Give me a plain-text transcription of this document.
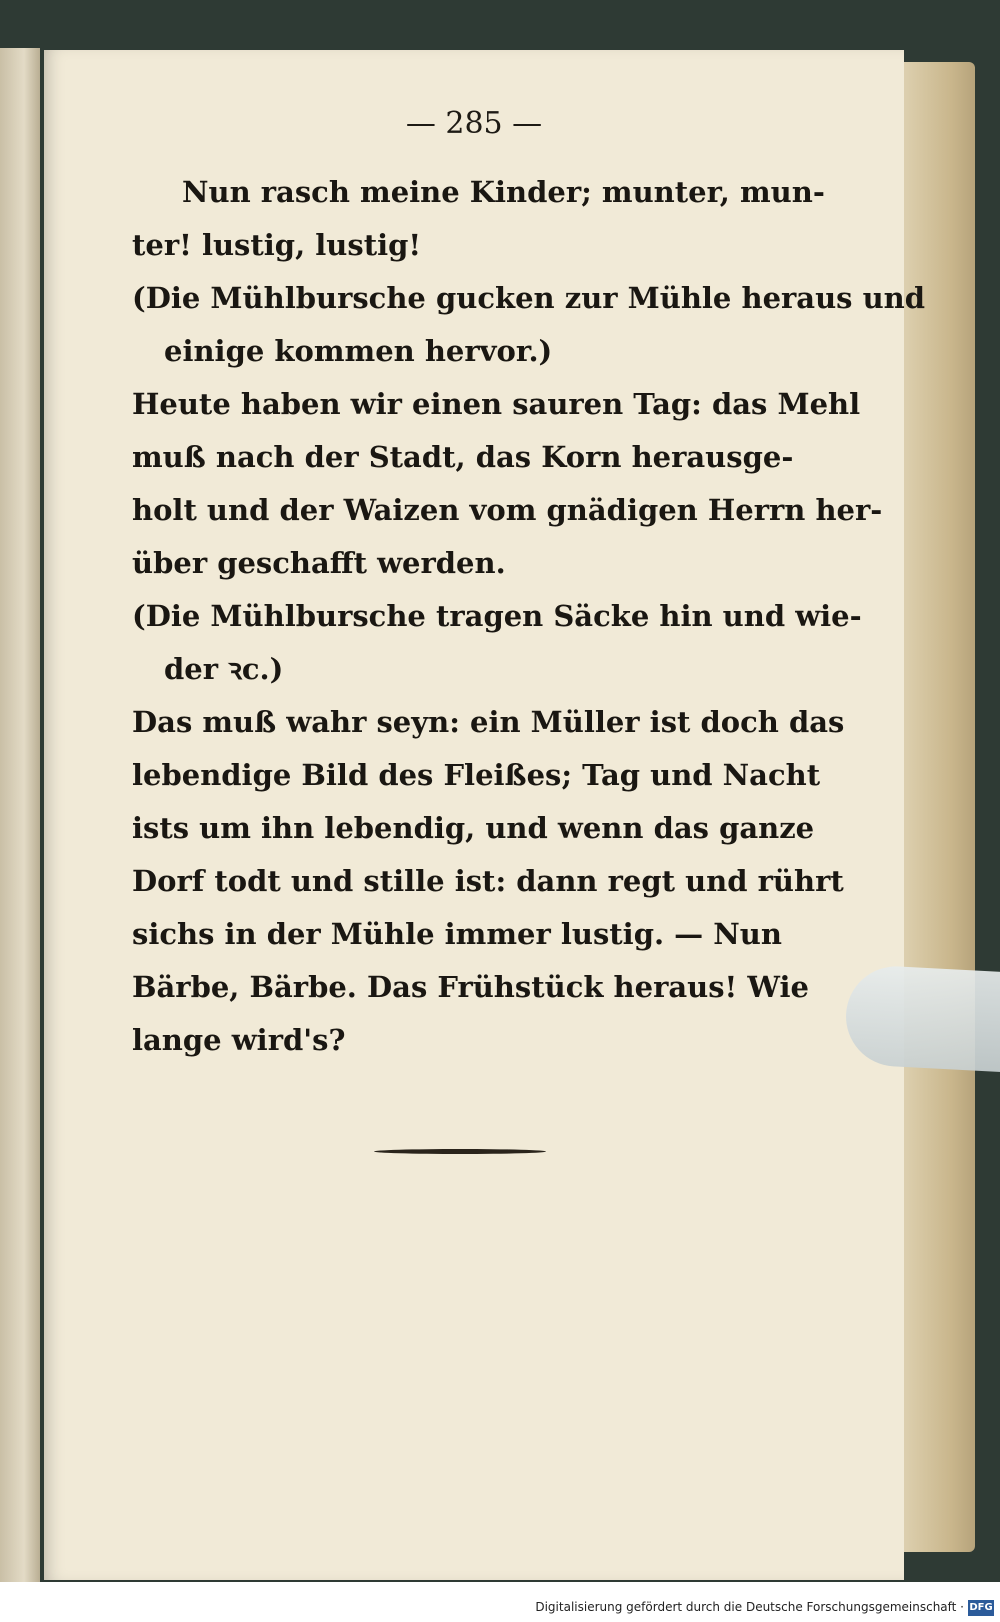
— 285 —
Nun rasch meine Kinder; munter, mun-
ter! lustig, lustig!
(Die Mühlbursche gucken zur Mühle heraus und
einige kommen hervor.)
Heute haben wir einen sauren Tag: das Mehl
muß nach der Stadt, das Korn herausge-
holt und der Waizen vom gnädigen Herrn her-
über geschafft werden.
(Die Mühlbursche tragen Säcke hin und wie-
der ꝛc.)
Das muß wahr seyn: ein Müller ist doch das
lebendige Bild des Fleißes; Tag und Nacht
ists um ihn lebendig, und wenn das ganze
Dorf todt und stille ist: dann regt und rührt
sichs in der Mühle immer lustig. — Nun
Bärbe, Bärbe. Das Frühstück heraus! Wie
lange wird's?
Digitalisierung gefördert durch die Deutsche Forschungsgemeinschaft · DFG
